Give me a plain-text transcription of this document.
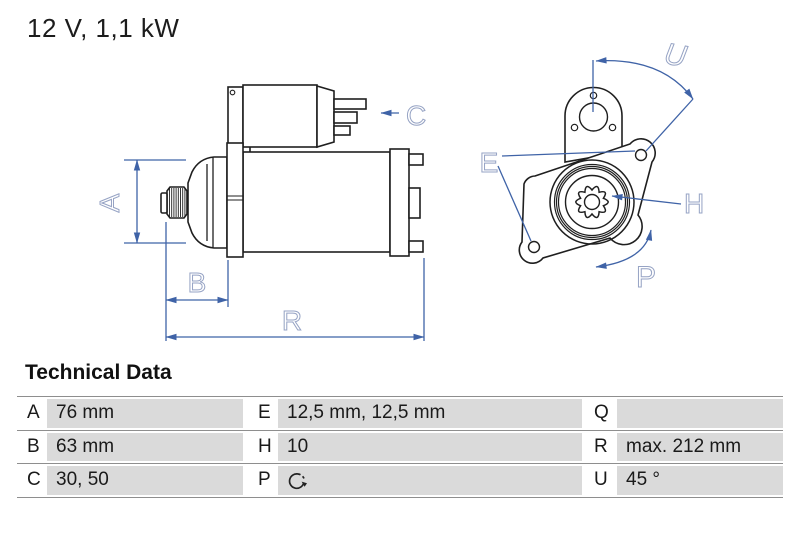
12 V, 1,1 kW
A
B
R
C
U
E
H
P
Technical Data
A 76 mm	E 12,5 mm, 12,5 mm	Q
B 63 mm	H 10	R max. 212 mm
C 30, 50	P	U 45 °
